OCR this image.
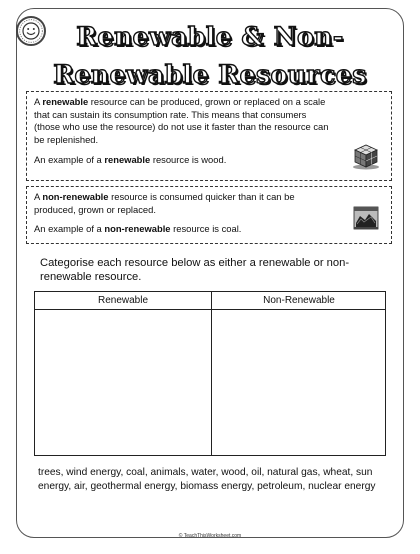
Renewable & Non-
Renewable Resources

A renewable resource can be produced, grown or replaced on a scale that can sustain its consumption rate. This means that consumers (those who use the resource) do not use it faster than the resource can be replenished.

An example of a renewable resource is wood.

A non-renewable resource is consumed quicker than it can be produced, grown or replaced.

An example of a non-renewable resource is coal.

Categorise each resource below as either a renewable or non-renewable resource.
Renewable	Non-Renewable
trees, wind energy, coal, animals, water, wood, oil, natural gas, wheat, sun energy, air, geothermal energy, biomass energy, petroleum, nuclear energy
© TeachThisWorksheet.com
